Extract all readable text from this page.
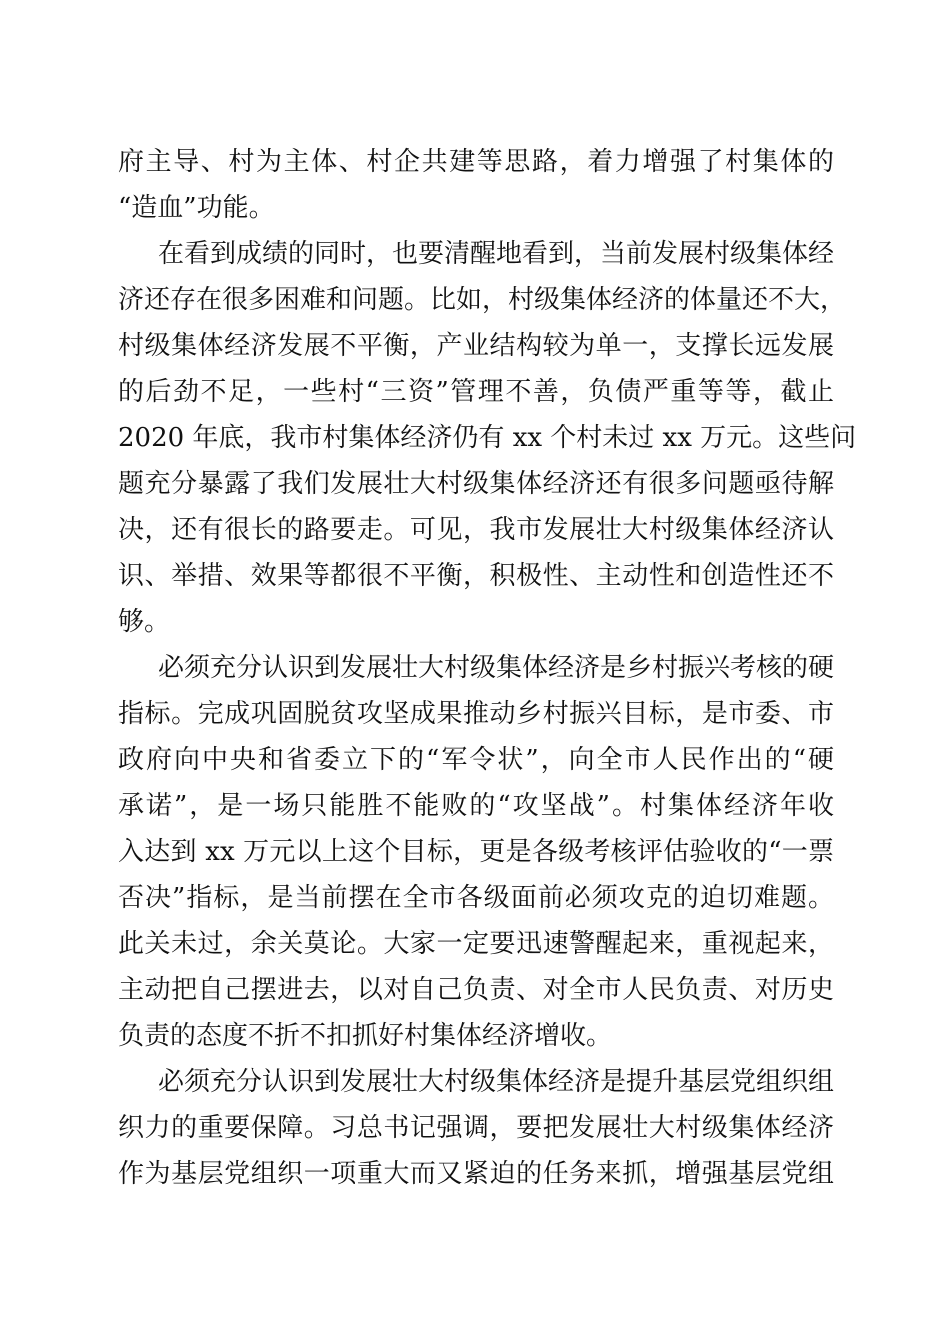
府主导、村为主体、村企共建等思路，着力增强了村集体的
“造血”功能。
在看到成绩的同时，也要清醒地看到，当前发展村级集体经
济还存在很多困难和问题。比如，村级集体经济的体量还不大，
村级集体经济发展不平衡，产业结构较为单一，支撑长远发展
的后劲不足，一些村“三资”管理不善，负债严重等等，截止
2020 年底，我市村集体经济仍有 xx 个村未过 xx 万元。这些问
题充分暴露了我们发展壮大村级集体经济还有很多问题亟待解
决，还有很长的路要走。可见，我市发展壮大村级集体经济认
识、举措、效果等都很不平衡，积极性、主动性和创造性还不
够。
必须充分认识到发展壮大村级集体经济是乡村振兴考核的硬
指标。完成巩固脱贫攻坚成果推动乡村振兴目标，是市委、市
政府向中央和省委立下的“军令状”，向全市人民作出的“硬
承诺”，是一场只能胜不能败的“攻坚战”。村集体经济年收
入达到 xx 万元以上这个目标，更是各级考核评估验收的“一票
否决”指标，是当前摆在全市各级面前必须攻克的迫切难题。
此关未过，余关莫论。大家一定要迅速警醒起来，重视起来，
主动把自己摆进去，以对自己负责、对全市人民负责、对历史
负责的态度不折不扣抓好村集体经济增收。
必须充分认识到发展壮大村级集体经济是提升基层党组织组
织力的重要保障。习总书记强调，要把发展壮大村级集体经济
作为基层党组织一项重大而又紧迫的任务来抓，增强基层党组
